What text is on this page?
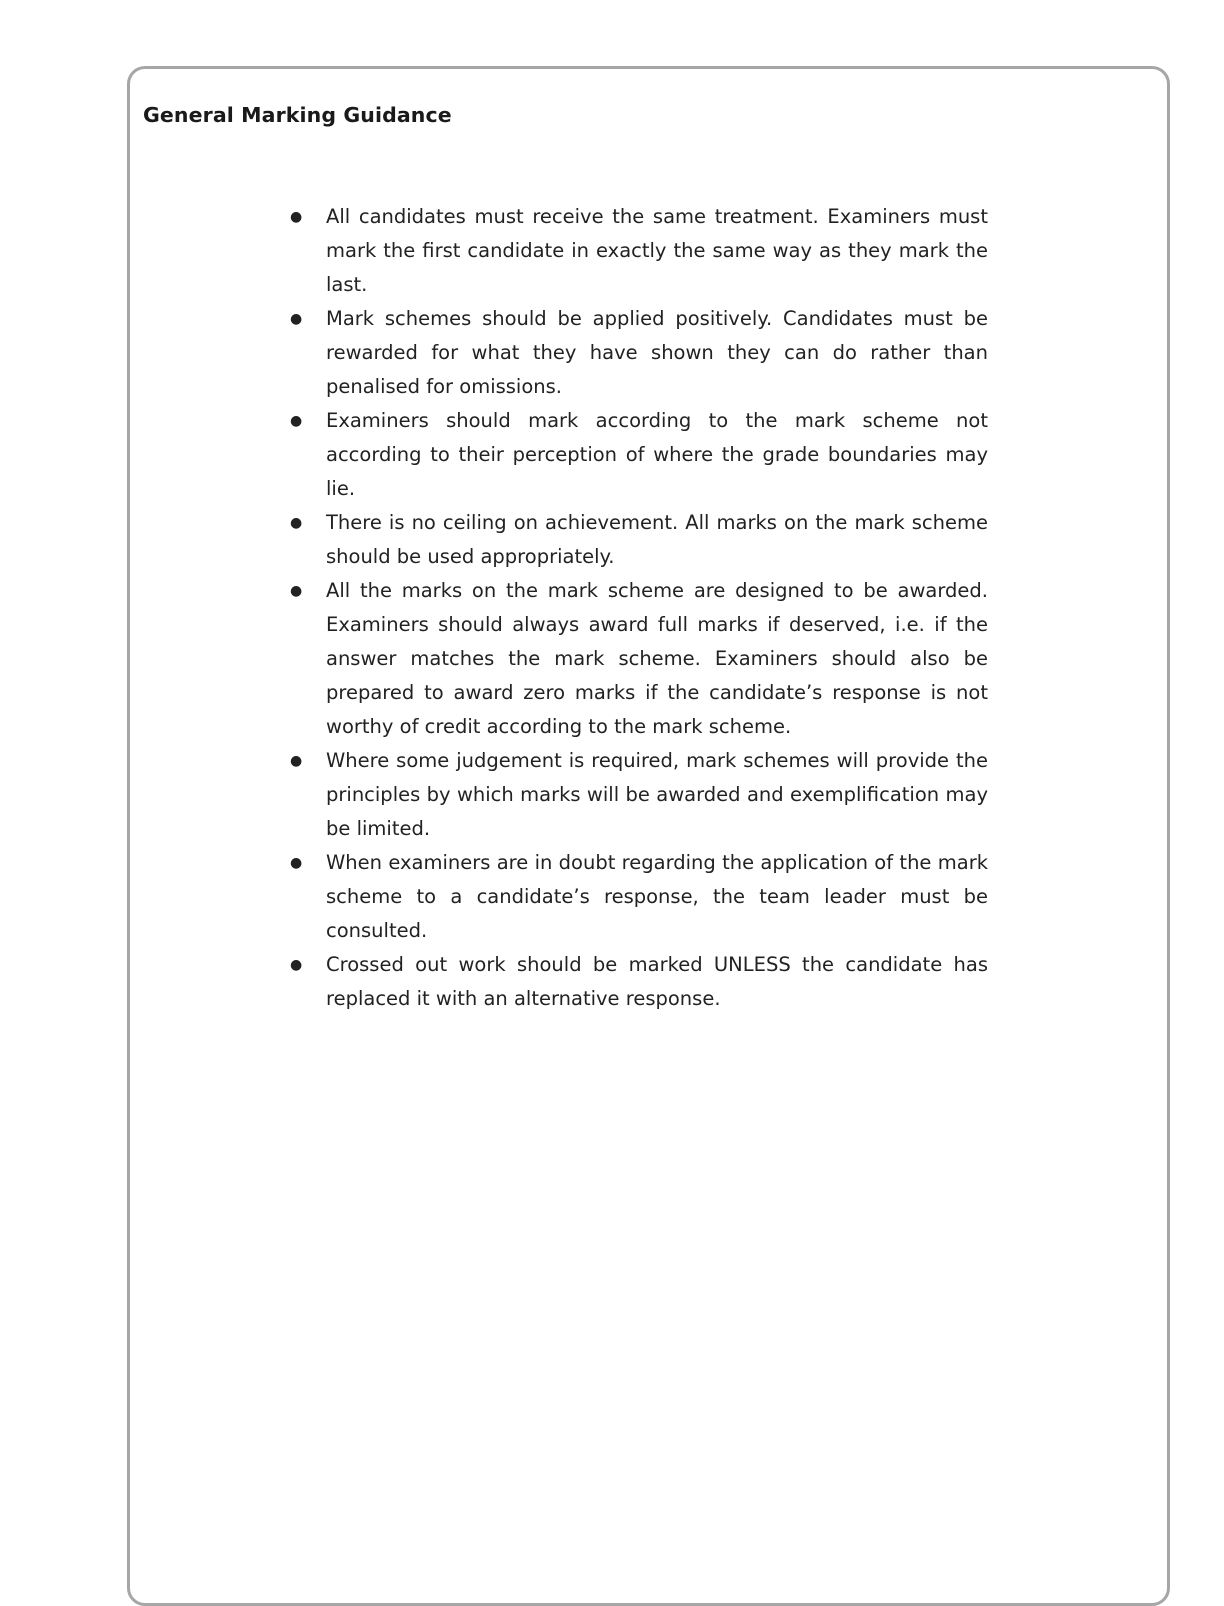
General Marking Guidance
●	All candidates must receive the same treatment. Examiners must mark the first candidate in exactly the same way as they mark the last.
●	Mark schemes should be applied positively. Candidates must be rewarded for what they have shown they can do rather than penalised for omissions.
●	Examiners should mark according to the mark scheme not according to their perception of where the grade boundaries may lie.
●	There is no ceiling on achievement. All marks on the mark scheme should be used appropriately.
●	All the marks on the mark scheme are designed to be awarded. Examiners should always award full marks if deserved, i.e. if the answer matches the mark scheme. Examiners should also be prepared to award zero marks if the candidate’s response is not worthy of credit according to the mark scheme.
●	Where some judgement is required, mark schemes will provide the principles by which marks will be awarded and exemplification may be limited.
●	When examiners are in doubt regarding the application of the mark scheme to a candidate’s response, the team leader must be consulted.
●	Crossed out work should be marked UNLESS the candidate has replaced it with an alternative response.
